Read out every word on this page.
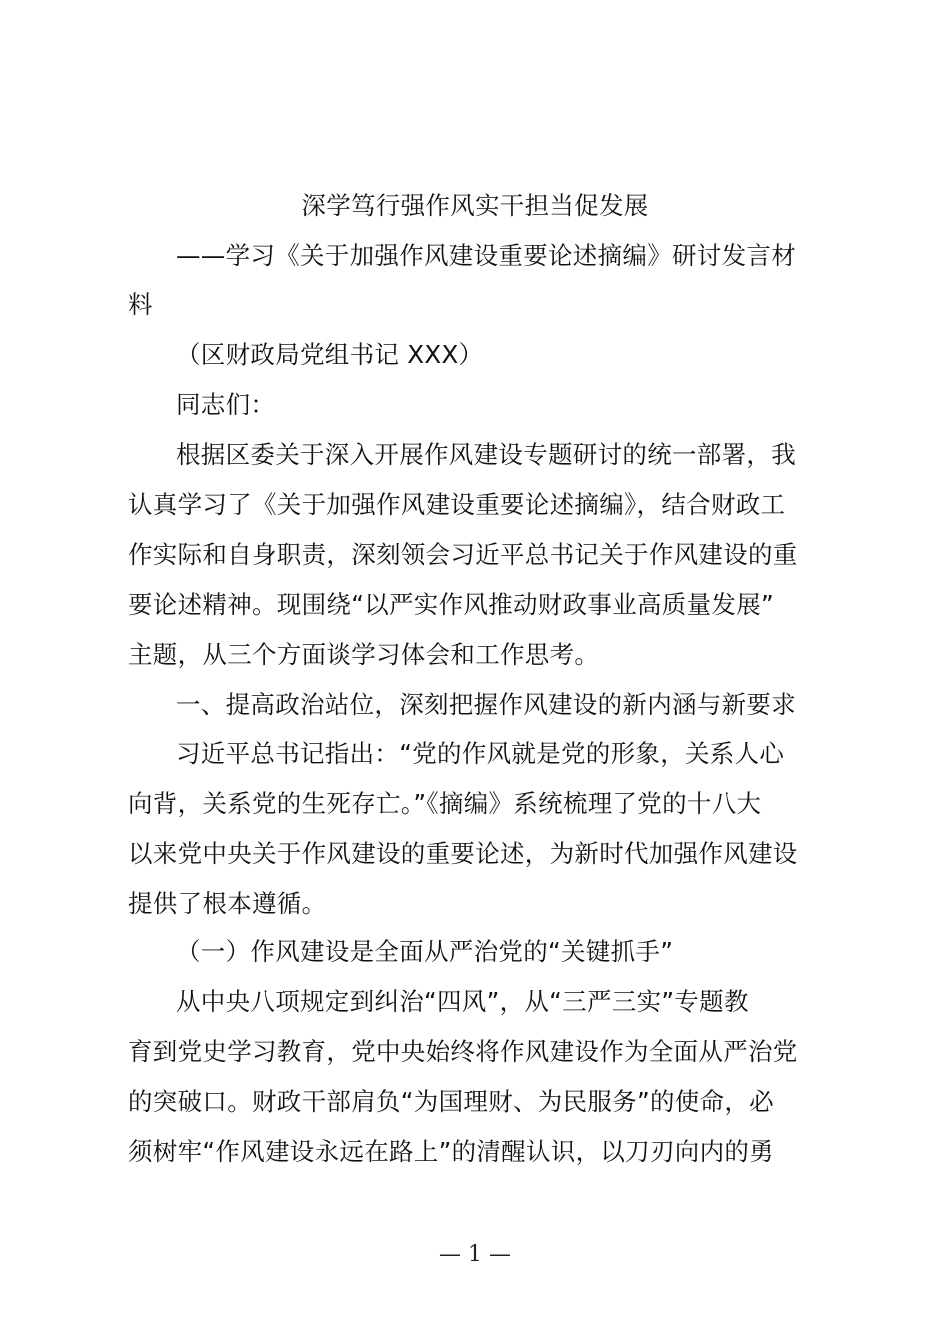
深学笃行强作风实干担当促发展
——学习《关于加强作风建设重要论述摘编》研讨发言材
料
（区财政局党组书记 XXX）
同志们：
根据区委关于深入开展作风建设专题研讨的统一部署，我
认真学习了《关于加强作风建设重要论述摘编》，结合财政工
作实际和自身职责，深刻领会习近平总书记关于作风建设的重
要论述精神。现围绕“以严实作风推动财政事业高质量发展”
主题，从三个方面谈学习体会和工作思考。
一、提高政治站位，深刻把握作风建设的新内涵与新要求
习近平总书记指出：“党的作风就是党的形象，关系人心
向背，关系党的生死存亡。”《摘编》系统梳理了党的十八大
以来党中央关于作风建设的重要论述，为新时代加强作风建设
提供了根本遵循。
（一）作风建设是全面从严治党的“关键抓手”
从中央八项规定到纠治“四风”，从“三严三实”专题教
育到党史学习教育，党中央始终将作风建设作为全面从严治党
的突破口。财政干部肩负“为国理财、为民服务”的使命，必
须树牢“作风建设永远在路上”的清醒认识，以刀刃向内的勇
— 1 —
